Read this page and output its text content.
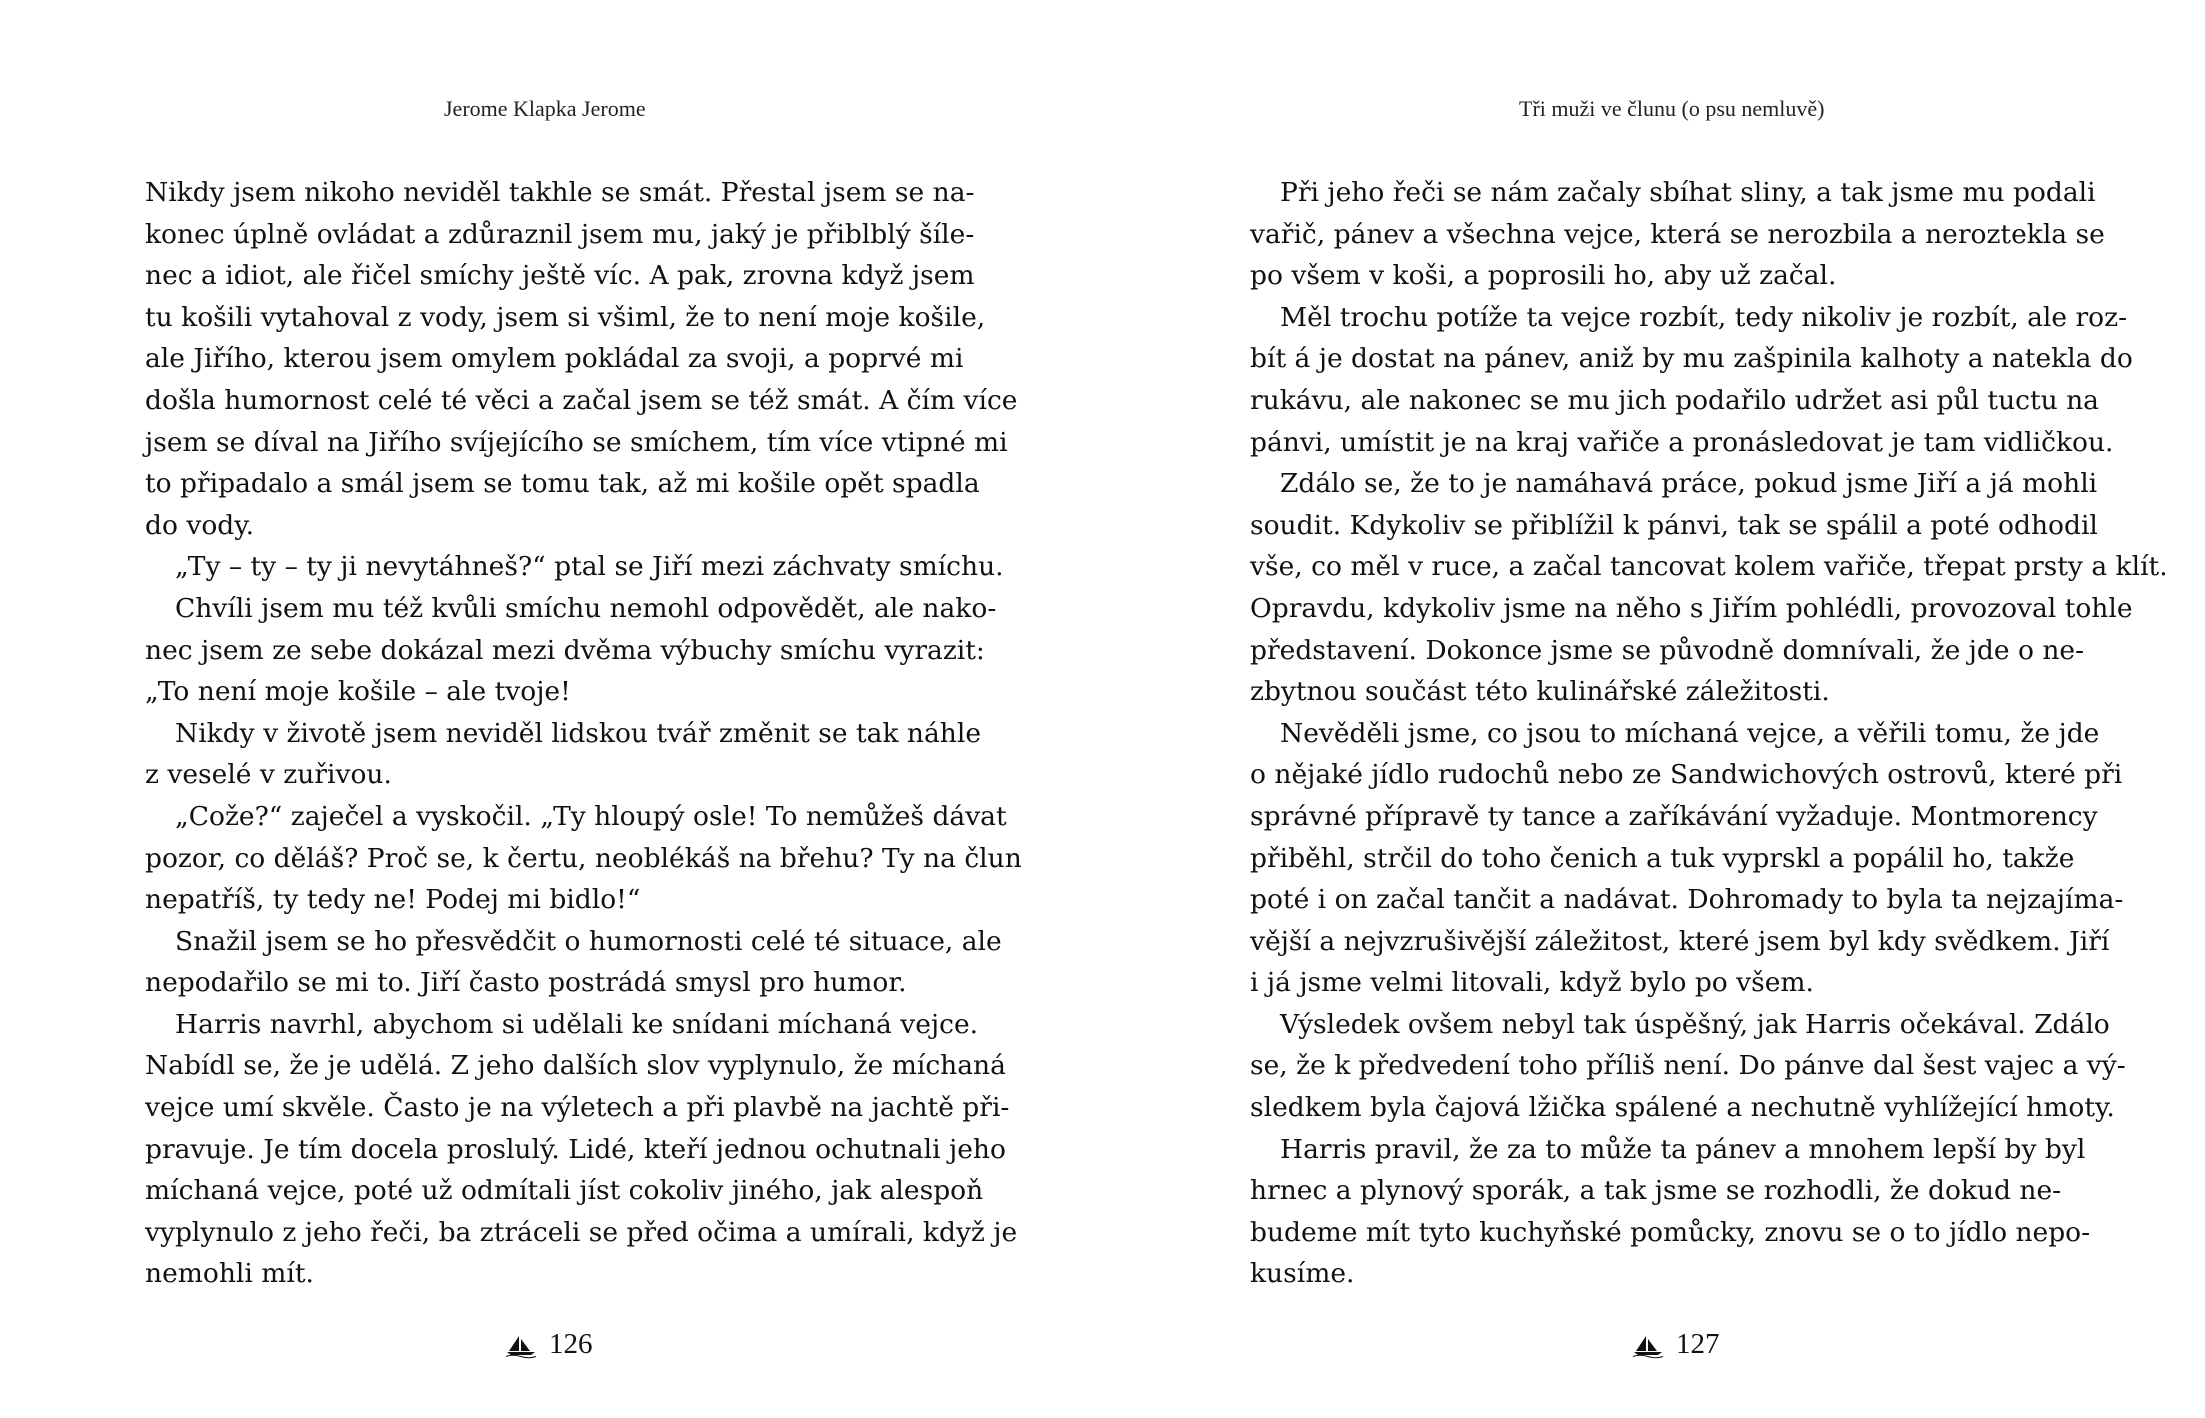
Jerome Klapka Jerome
Nikdy jsem nikoho neviděl takhle se smát. Přestal jsem se na-
konec úplně ovládat a zdůraznil jsem mu, jaký je přiblblý šíle-
nec a idiot, ale řičel smíchy ještě víc. A pak, zrovna když jsem
tu košili vytahoval z vody, jsem si všiml, že to není moje košile,
ale Jiřího, kterou jsem omylem pokládal za svoji, a poprvé mi
došla humornost celé té věci a začal jsem se též smát. A čím více
jsem se díval na Jiřího svíjejícího se smíchem, tím více vtipné mi
to připadalo a smál jsem se tomu tak, až mi košile opět spadla
do vody.
„Ty – ty – ty ji nevytáhneš?“ ptal se Jiří mezi záchvaty smíchu.
Chvíli jsem mu též kvůli smíchu nemohl odpovědět, ale nako-
nec jsem ze sebe dokázal mezi dvěma výbuchy smíchu vyrazit:
„To není moje košile – ale tvoje!
Nikdy v životě jsem neviděl lidskou tvář změnit se tak náhle
z veselé v zuřivou.
„Cože?“ zaječel a vyskočil. „Ty hloupý osle! To nemůžeš dávat
pozor, co děláš? Proč se, k čertu, neoblékáš na břehu? Ty na člun
nepatříš, ty tedy ne! Podej mi bidlo!“
Snažil jsem se ho přesvědčit o humornosti celé té situace, ale
nepodařilo se mi to. Jiří často postrádá smysl pro humor.
Harris navrhl, abychom si udělali ke snídani míchaná vejce.
Nabídl se, že je udělá. Z jeho dalších slov vyplynulo, že míchaná
vejce umí skvěle. Často je na výletech a při plavbě na jachtě při-
pravuje. Je tím docela proslulý. Lidé, kteří jednou ochutnali jeho
míchaná vejce, poté už odmítali jíst cokoliv jiného, jak alespoň
vyplynulo z jeho řeči, ba ztráceli se před očima a umírali, když je
nemohli mít.
126
Tři muži ve člunu (o psu nemluvě)
Při jeho řeči se nám začaly sbíhat sliny, a tak jsme mu podali
vařič, pánev a všechna vejce, která se nerozbila a neroztekla se
po všem v koši, a poprosili ho, aby už začal.
Měl trochu potíže ta vejce rozbít, tedy nikoliv je rozbít, ale roz-
bít á je dostat na pánev, aniž by mu zašpinila kalhoty a natekla do
rukávu, ale nakonec se mu jich podařilo udržet asi půl tuctu na
pánvi, umístit je na kraj vařiče a pronásledovat je tam vidličkou.
Zdálo se, že to je namáhavá práce, pokud jsme Jiří a já mohli
soudit. Kdykoliv se přiblížil k pánvi, tak se spálil a poté odhodil
vše, co měl v ruce, a začal tancovat kolem vařiče, třepat prsty a klít.
Opravdu, kdykoliv jsme na něho s Jiřím pohlédli, provozoval tohle
představení. Dokonce jsme se původně domnívali, že jde o ne-
zbytnou součást této kulinářské záležitosti.
Nevěděli jsme, co jsou to míchaná vejce, a věřili tomu, že jde
o nějaké jídlo rudochů nebo ze Sandwichových ostrovů, které při
správné přípravě ty tance a zaříkávání vyžaduje. Montmorency
přiběhl, strčil do toho čenich a tuk vyprskl a popálil ho, takže
poté i on začal tančit a nadávat. Dohromady to byla ta nejzajíma-
vější a nejvzrušivější záležitost, které jsem byl kdy svědkem. Jiří
i já jsme velmi litovali, když bylo po všem.
Výsledek ovšem nebyl tak úspěšný, jak Harris očekával. Zdálo
se, že k předvedení toho příliš není. Do pánve dal šest vajec a vý-
sledkem byla čajová lžička spálené a nechutně vyhlížející hmoty.
Harris pravil, že za to může ta pánev a mnohem lepší by byl
hrnec a plynový sporák, a tak jsme se rozhodli, že dokud ne-
budeme mít tyto kuchyňské pomůcky, znovu se o to jídlo nepo-
kusíme.
127
